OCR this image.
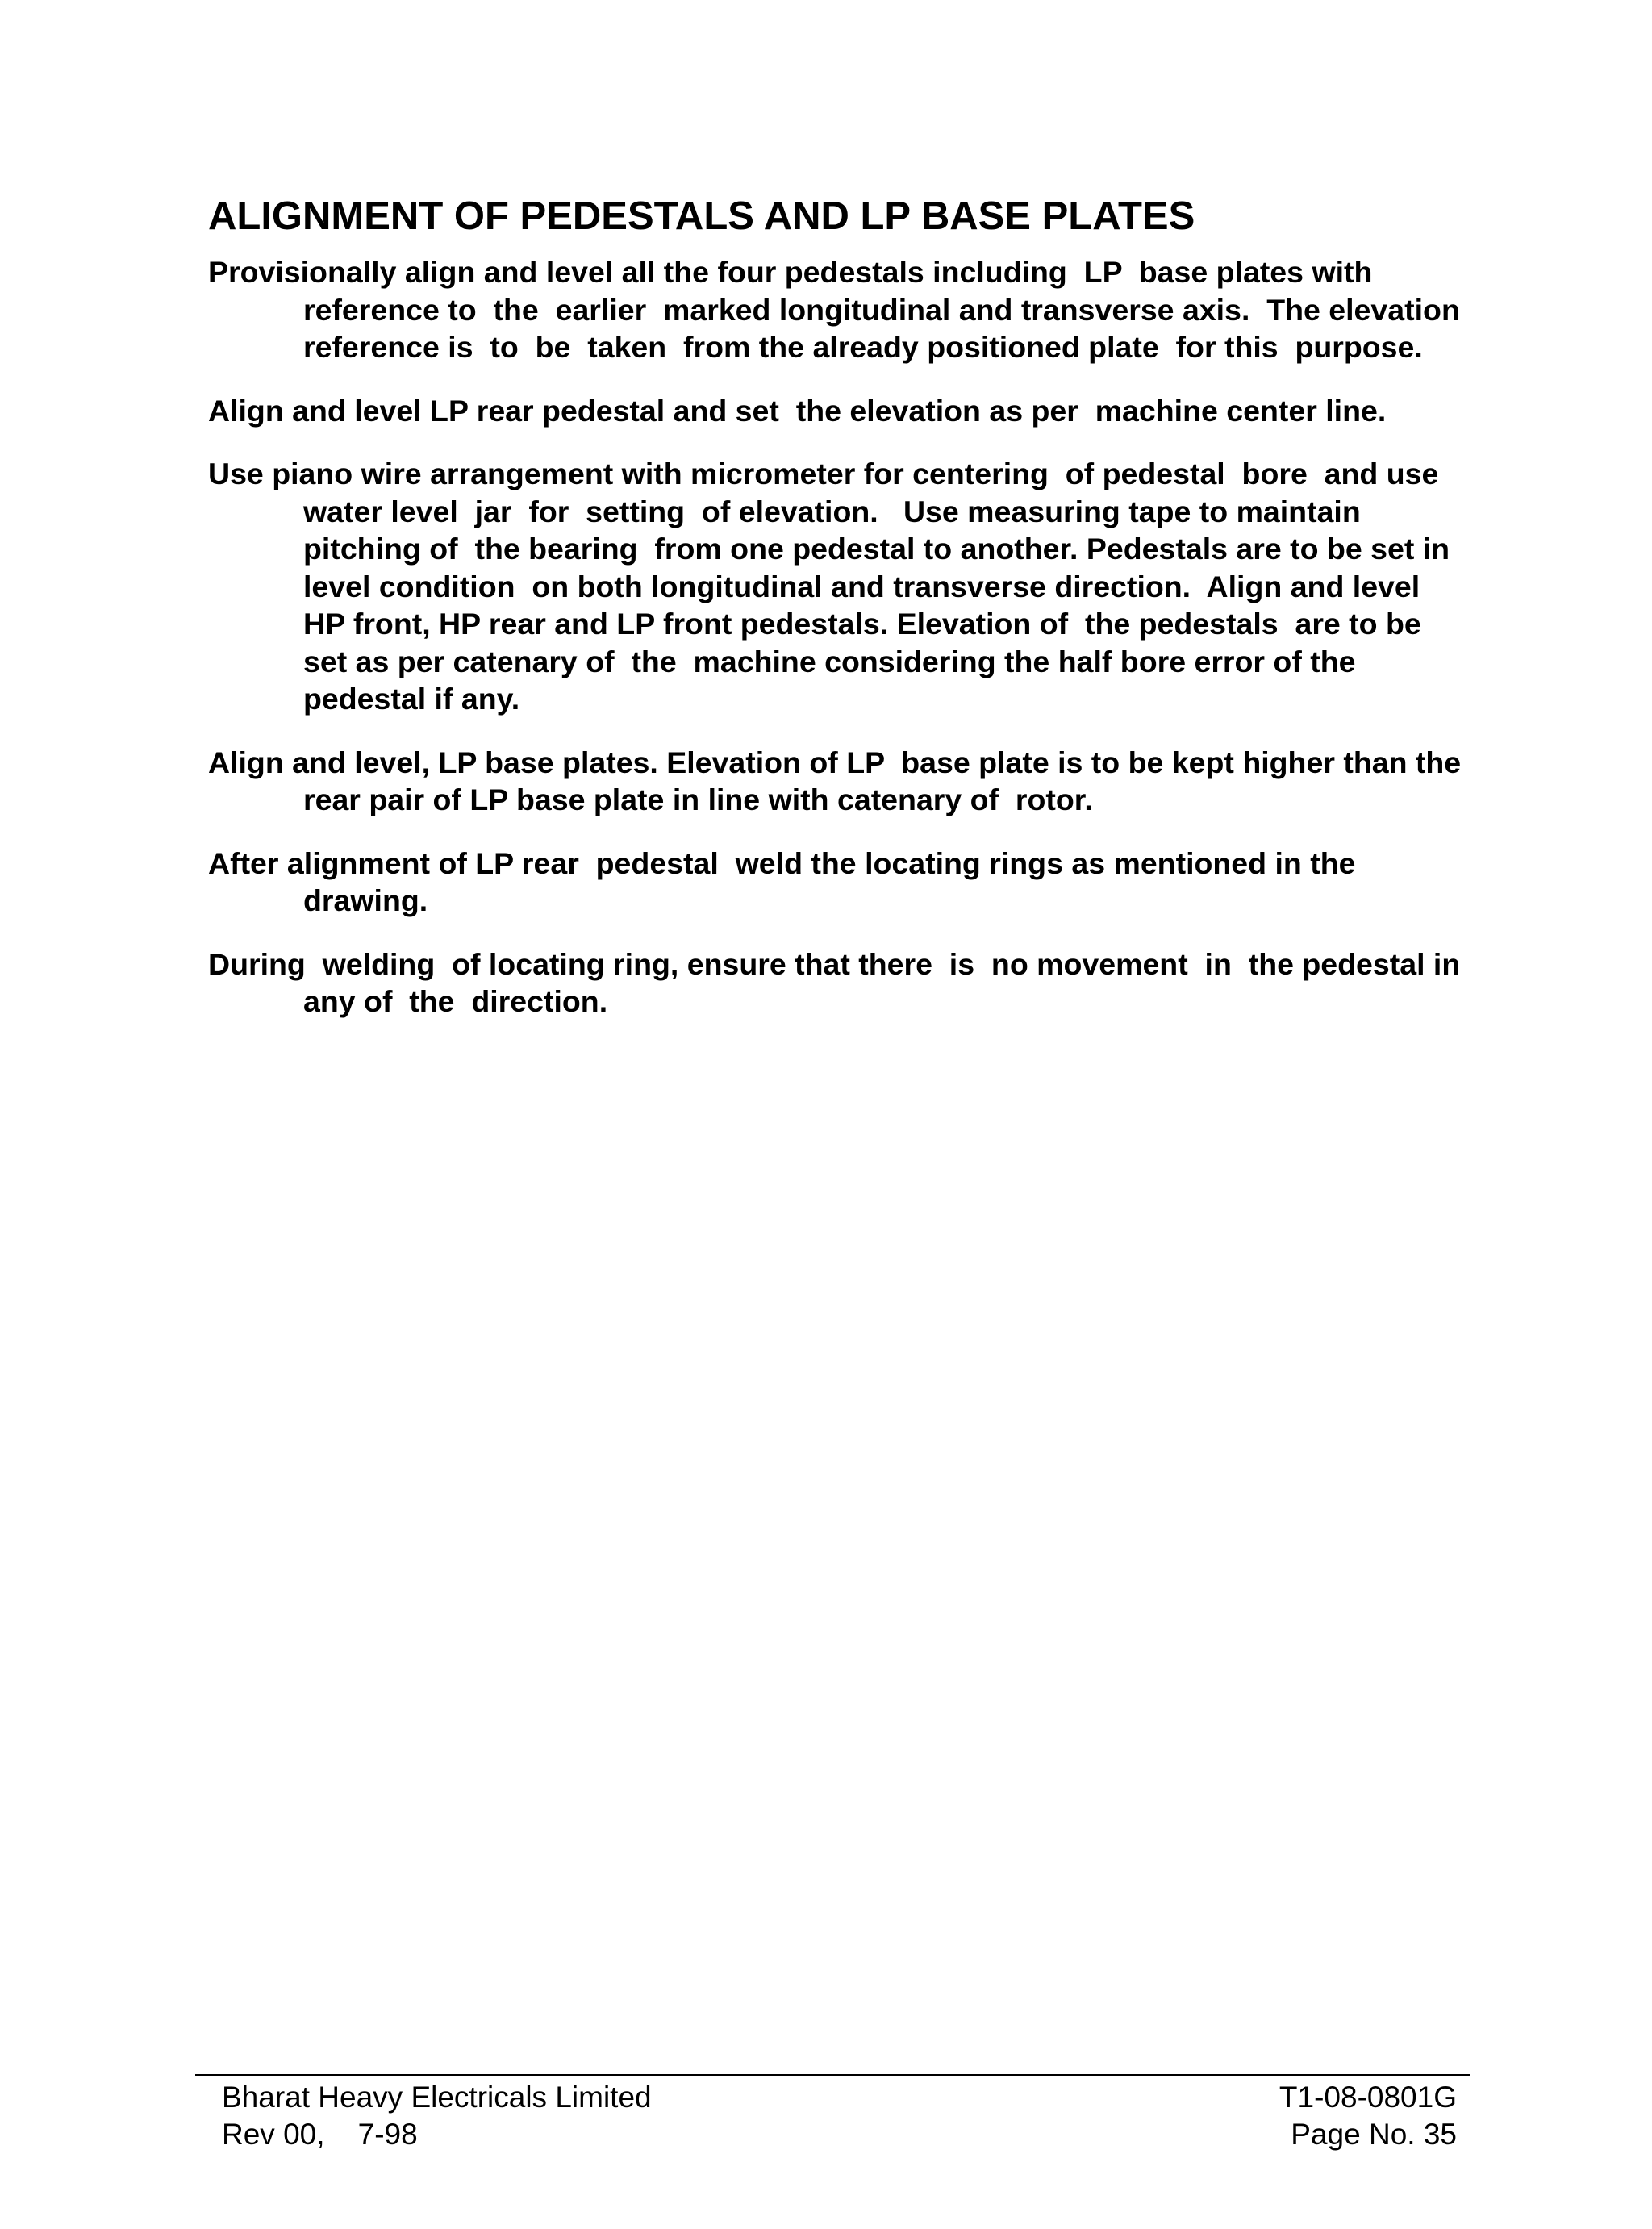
ALIGNMENT OF PEDESTALS AND LP BASE PLATES

Provisionally align and level all the four pedestals including  LP  base plates with reference to  the  earlier  marked longitudinal and transverse axis.  The elevation reference is  to  be  taken  from the already positioned plate  for this  purpose.

Align and level LP rear pedestal and set  the elevation as per  machine center line.

Use piano wire arrangement with micrometer for centering  of pedestal  bore  and use  water level  jar  for  setting  of elevation.   Use measuring tape to maintain pitching of  the bearing  from one pedestal to another. Pedestals are to be set in level condition  on both longitudinal and transverse direction.  Align and level HP front, HP rear and LP front pedestals. Elevation of  the pedestals  are to be set as per catenary of  the  machine considering the half bore error of the pedestal if any.

Align and level, LP base plates. Elevation of LP  base plate is to be kept higher than the rear pair of LP base plate in line with catenary of  rotor.

After alignment of LP rear  pedestal  weld the locating rings as mentioned in the drawing.

During  welding  of locating ring, ensure that there  is  no movement  in  the pedestal in any of  the  direction.

Bharat Heavy Electricals Limited
Rev 00,    7-98
T1-08-0801G
Page No. 35
